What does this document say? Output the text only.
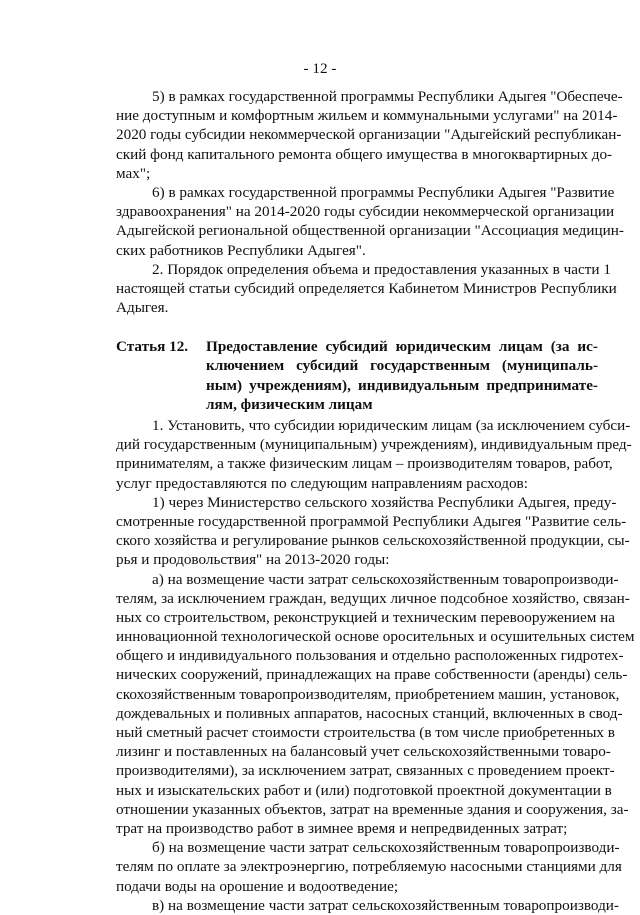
- 12 -
5) в рамках государственной программы Республики Адыгея "Обеспече-
ние доступным и комфортным жильем и коммунальными услугами" на 2014-
2020 годы субсидии некоммерческой организации "Адыгейский республикан-
ский фонд капитального ремонта общего имущества в многоквартирных до-
мах";
6) в рамках государственной программы Республики Адыгея "Развитие
здравоохранения" на 2014-2020 годы субсидии некоммерческой организации
Адыгейской региональной общественной организации "Ассоциация медицин-
ских работников Республики Адыгея".
2. Порядок определения объема и предоставления указанных в части 1
настоящей статьи субсидий определяется Кабинетом Министров Республики
Адыгея.
Статья 12.	Предоставление субсидий юридическим лицам (за ис-
ключением субсидий государственным (муниципаль-
ным) учреждениям), индивидуальным предпринимате-
лям, физическим лицам
1. Установить, что субсидии юридическим лицам (за исключением субси-
дий государственным (муниципальным) учреждениям), индивидуальным пред-
принимателям, а также физическим лицам – производителям товаров, работ,
услуг предоставляются по следующим направлениям расходов:
1) через Министерство сельского хозяйства Республики Адыгея, преду-
смотренные государственной программой Республики Адыгея "Развитие сель-
ского хозяйства и регулирование рынков сельскохозяйственной продукции, сы-
рья и продовольствия" на 2013-2020 годы:
а) на возмещение части затрат сельскохозяйственным товаропроизводи-
телям, за исключением граждан, ведущих личное подсобное хозяйство, связан-
ных со строительством, реконструкцией и техническим перевооружением на
инновационной технологической основе оросительных и осушительных систем
общего и индивидуального пользования и отдельно расположенных гидротех-
нических сооружений, принадлежащих на праве собственности (аренды) сель-
скохозяйственным товаропроизводителям, приобретением машин, установок,
дождевальных и поливных аппаратов, насосных станций, включенных в свод-
ный сметный расчет стоимости строительства (в том числе приобретенных в
лизинг и поставленных на балансовый учет сельскохозяйственными товаро-
производителями), за исключением затрат, связанных с проведением проект-
ных и изыскательских работ и (или) подготовкой проектной документации в
отношении указанных объектов, затрат на временные здания и сооружения, за-
трат на производство работ в зимнее время и непредвиденных затрат;
б) на возмещение части затрат сельскохозяйственным товаропроизводи-
телям по оплате за электроэнергию, потребляемую насосными станциями для
подачи воды на орошение и водоотведение;
в) на возмещение части затрат сельскохозяйственным товаропроизводи-
